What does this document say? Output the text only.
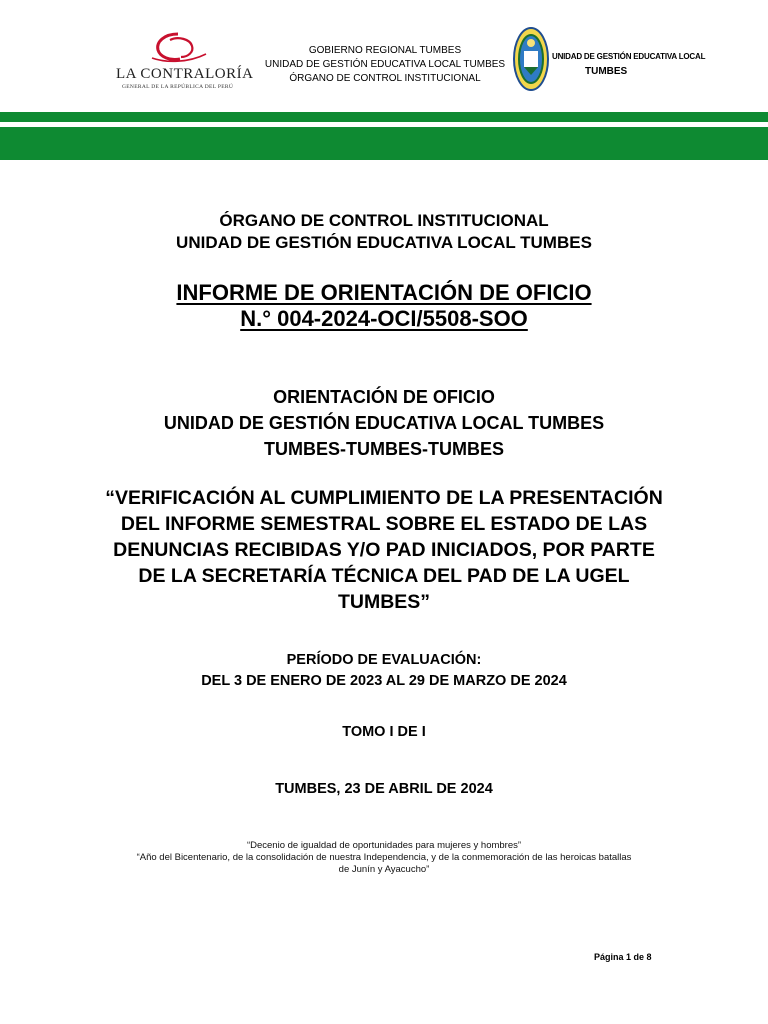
LA CONTRALORÍA
GENERAL DE LA REPÚBLICA DEL PERÚ
GOBIERNO REGIONAL TUMBES
UNIDAD DE GESTIÓN EDUCATIVA LOCAL TUMBES
ÓRGANO DE CONTROL INSTITUCIONAL
UNIDAD DE GESTIÓN EDUCATIVA LOCAL
TUMBES
ÓRGANO DE CONTROL INSTITUCIONAL
UNIDAD DE GESTIÓN EDUCATIVA LOCAL TUMBES
INFORME DE ORIENTACIÓN DE OFICIO
N.° 004-2024-OCI/5508-SOO
ORIENTACIÓN DE OFICIO
UNIDAD DE GESTIÓN EDUCATIVA LOCAL TUMBES
TUMBES-TUMBES-TUMBES
“VERIFICACIÓN AL CUMPLIMIENTO DE LA PRESENTACIÓN DEL INFORME SEMESTRAL SOBRE EL ESTADO DE LAS DENUNCIAS RECIBIDAS Y/O PAD INICIADOS, POR PARTE DE LA SECRETARÍA TÉCNICA DEL PAD DE LA UGEL TUMBES”
PERÍODO DE EVALUACIÓN:
DEL 3 DE ENERO DE 2023 AL 29 DE MARZO DE 2024
TOMO I DE I
TUMBES, 23 DE ABRIL DE 2024
“Decenio de igualdad de oportunidades para mujeres y hombres”
“Año del Bicentenario, de la consolidación de nuestra Independencia, y de la conmemoración de las heroicas batallas
de Junín y Ayacucho”
Página 1 de 8
